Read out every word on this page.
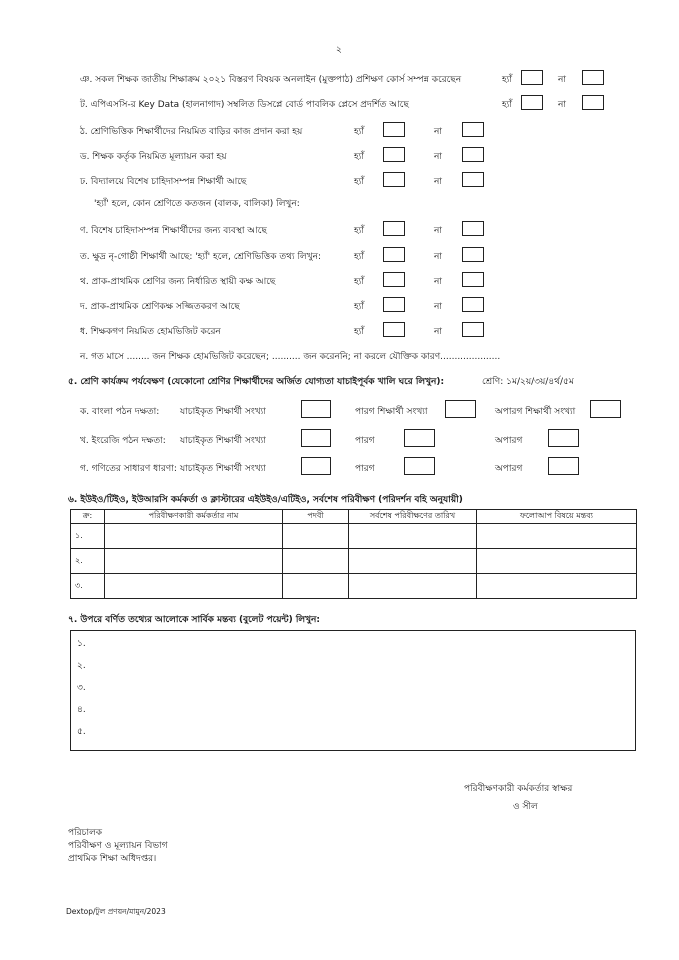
২
ঞ. সকল শিক্ষক জাতীয় শিক্ষাক্রম ২০২১ বিস্তরণ বিষয়ক অনলাইন (মুক্তপাঠ) প্রশিক্ষণ কোর্স সম্পন্ন করেছেন	হ্যাঁ	না
ট. এপিএসসি-র Key Data (হালনাগাদ) সম্বলিত ডিসপ্লে বোর্ড পাবলিক প্লেসে প্রদর্শিত আছে	হ্যাঁ	না
ঠ. শ্রেণিভিত্তিক শিক্ষার্থীদের নিয়মিত বাড়ির কাজ প্রদান করা হয়	হ্যাঁ	না
ড. শিক্ষক কর্তৃক নিয়মিত মূল্যায়ন করা হয়	হ্যাঁ	না
ঢ. বিদ্যালয়ে বিশেষ চাহিদাসম্পন্ন শিক্ষার্থী আছে	হ্যাঁ	না
ণ. বিশেষ চাহিদাসম্পন্ন শিক্ষার্থীদের জন্য ব্যবস্থা আছে	হ্যাঁ	না
ত. ক্ষুদ্র নৃ-গোষ্ঠী শিক্ষার্থী আছে: 'হ্যাঁ' হলে, শ্রেণিভিত্তিক তথ্য লিখুন:	হ্যাঁ	না
থ. প্রাক-প্রাথমিক শ্রেণির জন্য নির্ধারিত স্থায়ী কক্ষ আছে	হ্যাঁ	না
দ. প্রাক-প্রাথমিক শ্রেণিকক্ষ সজ্জিতকরণ আছে	হ্যাঁ	না
ধ. শিক্ষকগণ নিয়মিত হোমভিজিট করেন	হ্যাঁ	না
'হ্যাঁ' হলে, কোন শ্রেণিতে কতজন (বালক, বালিকা) লিখুন:
ন. গত মাসে ........ জন শিক্ষক হোমভিজিট করেছেন; .......... জন করেননি; না করলে যৌক্তিক কারণ.....................
৫. শ্রেণি কার্যক্রম পর্যবেক্ষণ (যেকোনো শ্রেণির শিক্ষার্থীদের অর্জিত যোগ্যতা যাচাইপূর্বক খালি ঘরে লিখুন):	শ্রেণি: ১ম/২য়/৩য়/৪র্থ/৫ম
ক. বাংলা পঠন দক্ষতা: যাচাইকৃত শিক্ষার্থী সংখ্যা	পারগ শিক্ষার্থী সংখ্যা	অপারগ শিক্ষার্থী সংখ্যা
খ. ইংরেজি পঠন দক্ষতা: যাচাইকৃত শিক্ষার্থী সংখ্যা	পারগ	অপারগ
গ. গণিতের সাধারণ ধারণা: যাচাইকৃত শিক্ষার্থী সংখ্যা	পারগ	অপারগ
৬. ইউইও/টিইও, ইউআরসি কর্মকর্তা ও ক্লাস্টারের এইউইও/এটিইও, সর্বশেষ পরিবীক্ষণ (পরিদর্শন বহি অনুযায়ী)
ক্র:	পরিবীক্ষণকারী কর্মকর্তার নাম	পদবী	সর্বশেষ পরিবীক্ষণের তারিখ	ফলোআপ বিষয়ে মন্তব্য
১.				
২.				
৩.				
৭. উপরে বর্ণিত তথ্যের আলোকে সার্বিক মন্তব্য (বুলেট পয়েন্ট) লিখুন:
১.
২.
৩.
৪.
৫.
পরিবীক্ষণকারী কর্মকর্তার স্বাক্ষর
ও সীল
পরিচালক
পরিবীক্ষণ ও মূল্যায়ন বিভাগ
প্রাথমিক শিক্ষা অধিদপ্তর।
Dextop/টুল প্রণয়ন/মামুন/2023
